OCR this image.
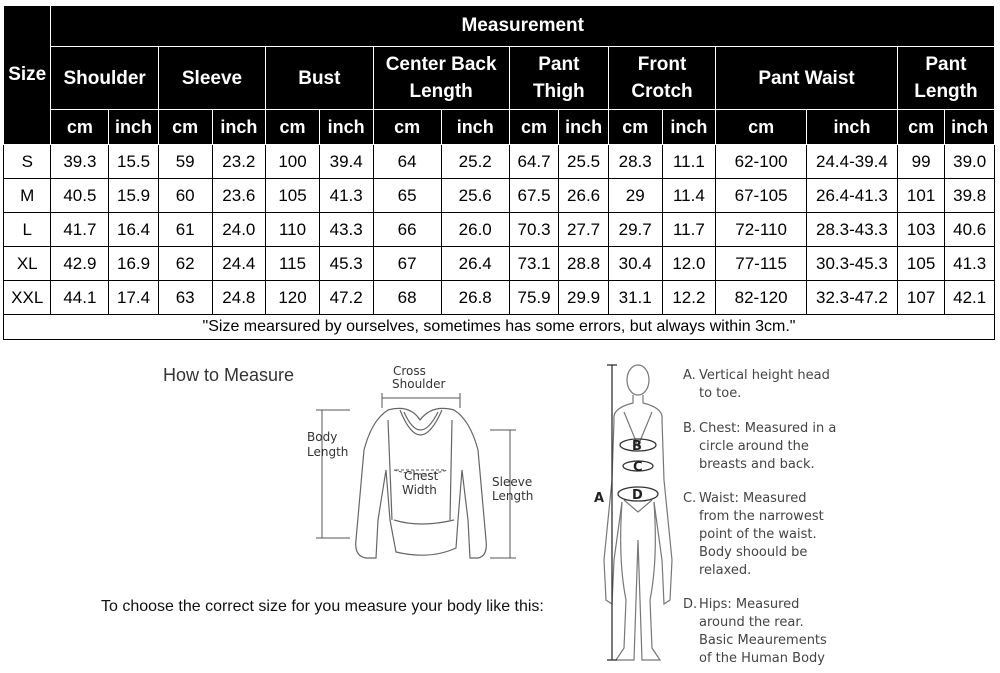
Size	Measurement															
	Shoulder		Sleeve		Bust		Center Back Length		Pant Thigh		Front Crotch		Pant Waist		Pant Length	
	cm	inch	cm	inch	cm	inch	cm	inch	cm	inch	cm	inch	cm	inch	cm	inch
S	39.3	15.5	59	23.2	100	39.4	64	25.2	64.7	25.5	28.3	11.1	62-100	24.4-39.4	99	39.0
M	40.5	15.9	60	23.6	105	41.3	65	25.6	67.5	26.6	29	11.4	67-105	26.4-41.3	101	39.8
L	41.7	16.4	61	24.0	110	43.3	66	26.0	70.3	27.7	29.7	11.7	72-110	28.3-43.3	103	40.6
XL	42.9	16.9	62	24.4	115	45.3	67	26.4	73.1	28.8	30.4	12.0	77-115	30.3-45.3	105	41.3
XXL	44.1	17.4	63	24.8	120	47.2	68	26.8	75.9	29.9	31.1	12.2	82-120	32.3-47.2	107	42.1
"Size mearsured by ourselves, sometimes has some errors, but always within 3cm."																
How to Measure
To choose the correct size for you measure your body like this:
Cross
Shoulder
Body
Length
Chest
Width
Sleeve
Length	A
B
C
D
A. Vertical height head
to toe.
B. Chest: Measured in a
circle around the
breasts and back.
C. Waist: Measured
from the narrowest
point of the waist.
Body shoould be
relaxed.
D. Hips: Measured
around the rear.
Basic Meaurements
of the Human Body
